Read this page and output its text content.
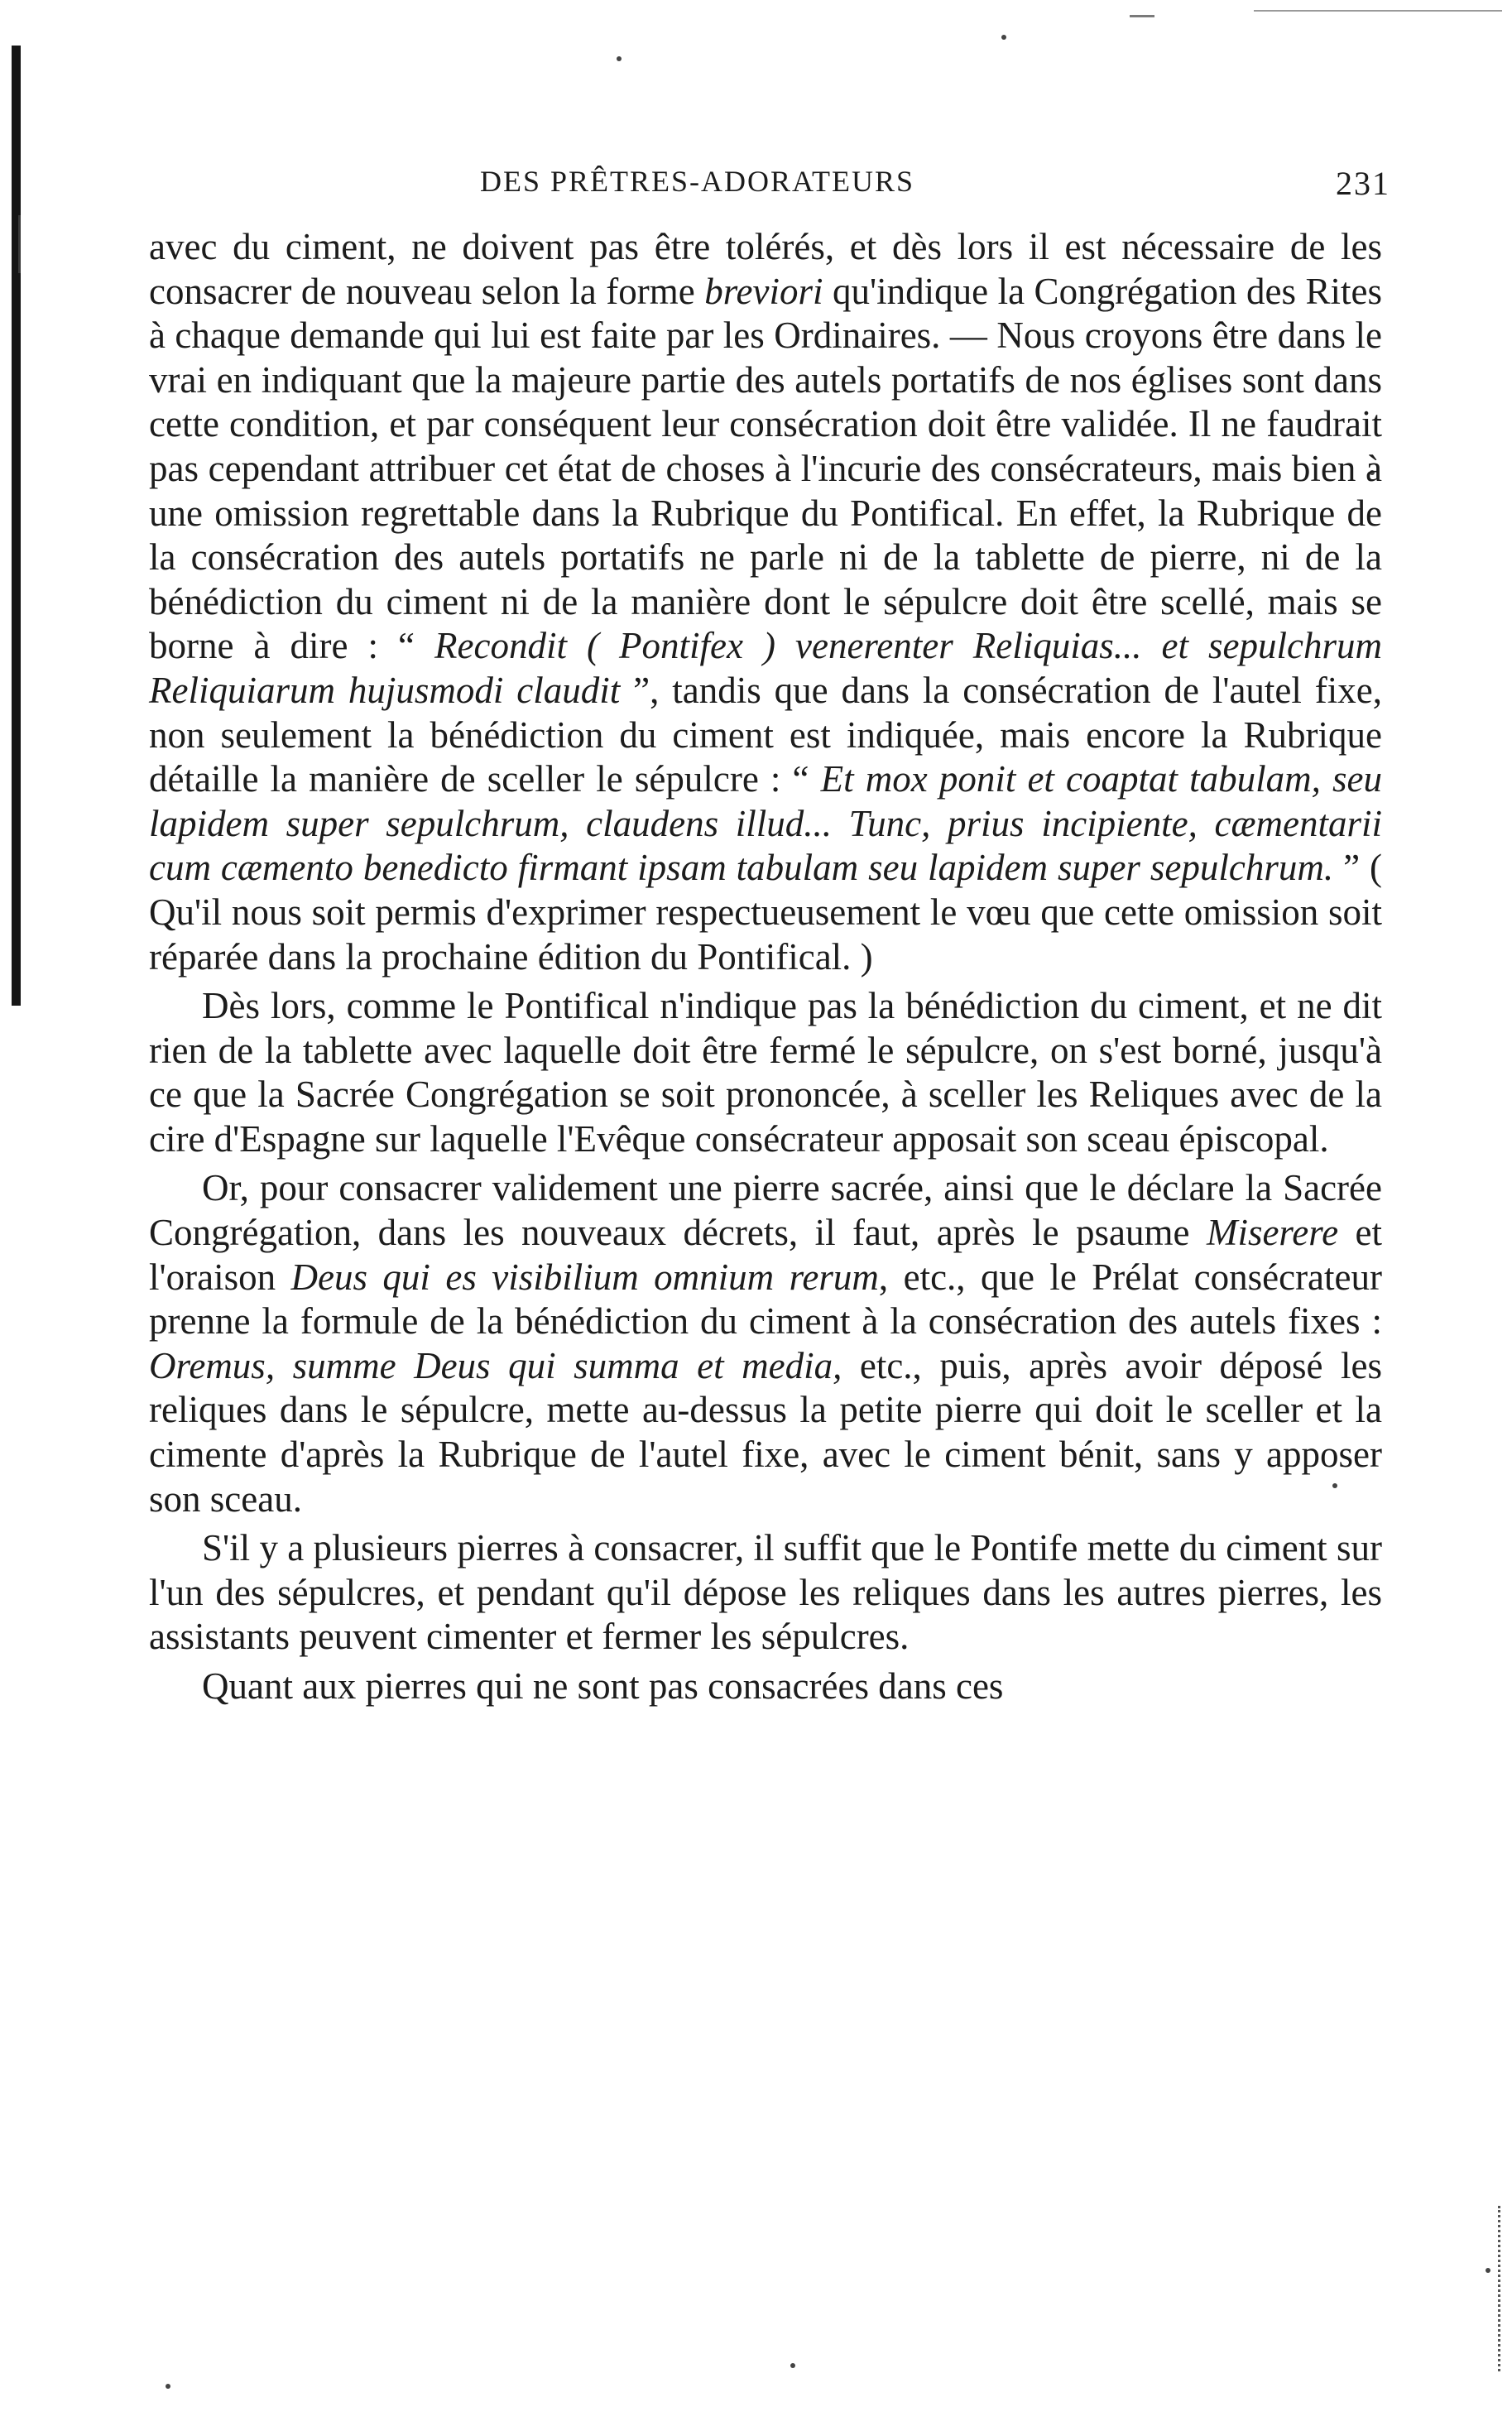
DES PRÊTRES-ADORATEURS	231

avec du ciment, ne doivent pas être tolérés, et dès lors il est nécessaire de les consacrer de nouveau selon la forme breviori qu'indique la Congrégation des Rites à chaque demande qui lui est faite par les Ordinaires. — Nous croyons être dans le vrai en indiquant que la majeure partie des autels portatifs de nos églises sont dans cette condition, et par conséquent leur consécration doit être validée. Il ne faudrait pas cependant attribuer cet état de choses à l'incurie des consécrateurs, mais bien à une omission regrettable dans la Rubrique du Pontifical. En effet, la Rubrique de la consécration des autels portatifs ne parle ni de la tablette de pierre, ni de la bénédiction du ciment ni de la manière dont le sépulcre doit être scellé, mais se borne à dire : “ Recondit ( Pontifex ) venerenter Reliquias... et sepulchrum Reliquiarum hujusmodi claudit ”, tandis que dans la consécration de l'autel fixe, non seulement la bénédiction du ciment est indiquée, mais encore la Rubrique détaille la manière de sceller le sépulcre : “ Et mox ponit et coaptat tabulam, seu lapidem super sepulchrum, claudens illud... Tunc, prius incipiente, cæmentarii cum cæmento benedicto firmant ipsam tabulam seu lapidem super sepulchrum. ” ( Qu'il nous soit permis d'exprimer respectueusement le vœu que cette omission soit réparée dans la prochaine édition du Pontifical. )

Dès lors, comme le Pontifical n'indique pas la bénédiction du ciment, et ne dit rien de la tablette avec laquelle doit être fermé le sépulcre, on s'est borné, jusqu'à ce que la Sacrée Congrégation se soit prononcée, à sceller les Reliques avec de la cire d'Espagne sur laquelle l'Evêque consécrateur apposait son sceau épiscopal.

Or, pour consacrer validement une pierre sacrée, ainsi que le déclare la Sacrée Congrégation, dans les nouveaux décrets, il faut, après le psaume Miserere et l'oraison Deus qui es visibilium omnium rerum, etc., que le Prélat consécrateur prenne la formule de la bénédiction du ciment à la consécration des autels fixes : Oremus, summe Deus qui summa et media, etc., puis, après avoir déposé les reliques dans le sépulcre, mette au-dessus la petite pierre qui doit le sceller et la cimente d'après la Rubrique de l'autel fixe, avec le ciment bénit, sans y apposer son sceau.

S'il y a plusieurs pierres à consacrer, il suffit que le Pontife mette du ciment sur l'un des sépulcres, et pendant qu'il dépose les reliques dans les autres pierres, les assistants peuvent cimenter et fermer les sépulcres.

Quant aux pierres qui ne sont pas consacrées dans ces
